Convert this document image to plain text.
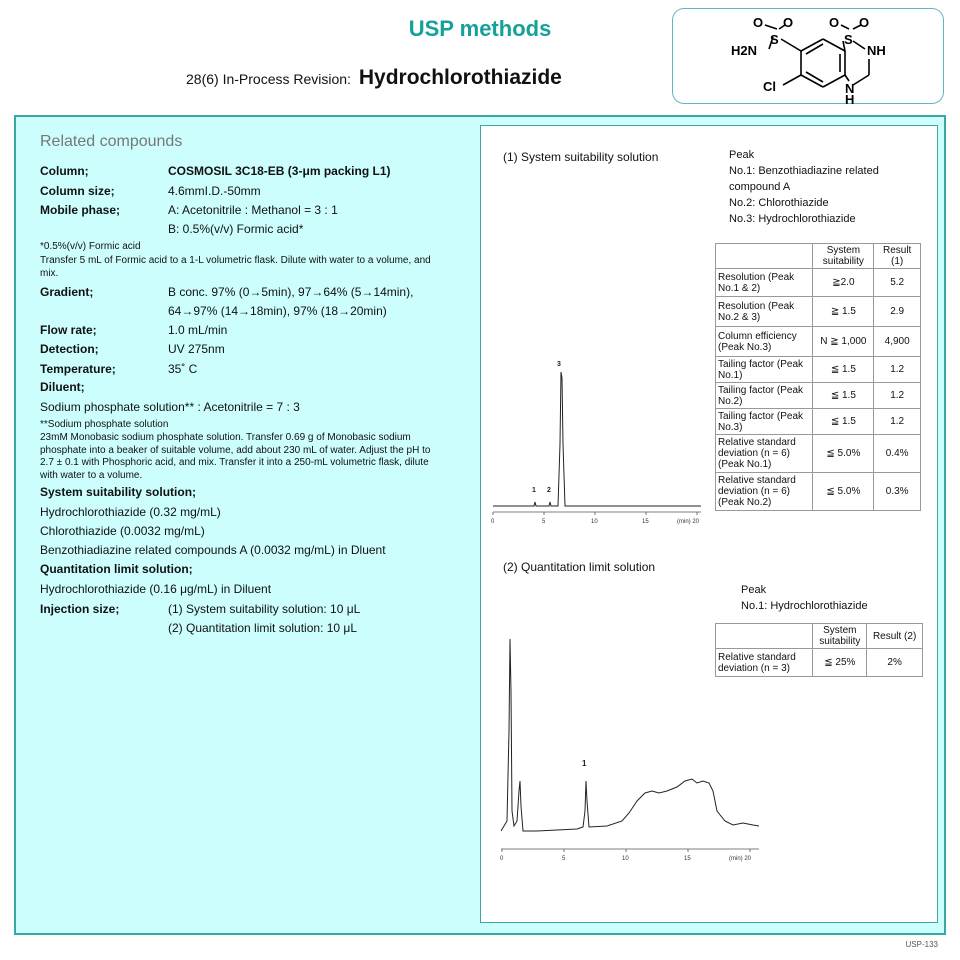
USP methods
28(6) In-Process Revision: Hydrochlorothiazide
O O	O O
S	S
NH
H2N
Cl	N
H
Related compounds
Column;	COSMOSIL 3C18-EB (3-μm packing L1)
Column size;	4.6mmI.D.-50mm
Mobile phase;	A: Acetonitrile : Methanol = 3 : 1
B: 0.5%(v/v) Formic acid*
*0.5%(v/v) Formic acid
Transfer 5 mL of Formic acid to a 1-L volumetric flask. Dilute with water to a volume, and mix.
Gradient;	B conc. 97% (0→5min), 97→64% (5→14min),
64→97% (14→18min), 97% (18→20min)
Flow rate;	1.0 mL/min
Detection;	UV 275nm
Temperature;	35˚ C
Diluent;
Sodium phosphate solution** : Acetonitrile = 7 : 3
**Sodium phosphate solution
23mM Monobasic sodium phosphate solution. Transfer 0.69 g of Monobasic sodium phosphate into a beaker of suitable volume, add about 230 mL of water. Adjust the pH to 2.7 ± 0.1 with Phosphoric acid, and mix. Transfer it into a 250-mL volumetric flask, dilute with water to a volume.
System suitability solution;
Hydrochlorothiazide (0.32 mg/mL)
Chlorothiazide (0.0032 mg/mL)
Benzothiadiazine related compounds A (0.0032 mg/mL) in Dluent
Quantitation limit solution;
Hydrochlorothiazide (0.16 μg/mL) in Diluent
Injection size;	(1) System suitability solution: 10 μL
(2) Quantitation limit solution: 10 μL
(1) System suitability solution	Peak
No.1: Benzothiadiazine related compound A
No.2: Chlorothiazide
No.3: Hydrochlorothiazide
0	5	10	15	(min) 20
1 2
3
	System suitability	Result (1)
Resolution (Peak No.1 & 2)	≧2.0	5.2
Resolution (Peak No.2 & 3)	≧ 1.5	2.9
Column efficiency (Peak No.3)	N ≧ 1,000	4,900
Tailing factor (Peak No.1)	≦ 1.5	1.2
Tailing factor (Peak No.2)	≦ 1.5	1.2
Tailing factor (Peak No.3)	≦ 1.5	1.2
Relative standard deviation (n = 6) (Peak No.1)	≦ 5.0%	0.4%
Relative standard deviation (n = 6) (Peak No.2)	≦ 5.0%	0.3%
(2) Quantitation limit solution
Peak
No.1: Hydrochlorothiazide
	System suitability	Result (2)
Relative standard deviation (n = 3)	≦ 25%	2%
0	5	10	15	(min) 20
1
USP-133
